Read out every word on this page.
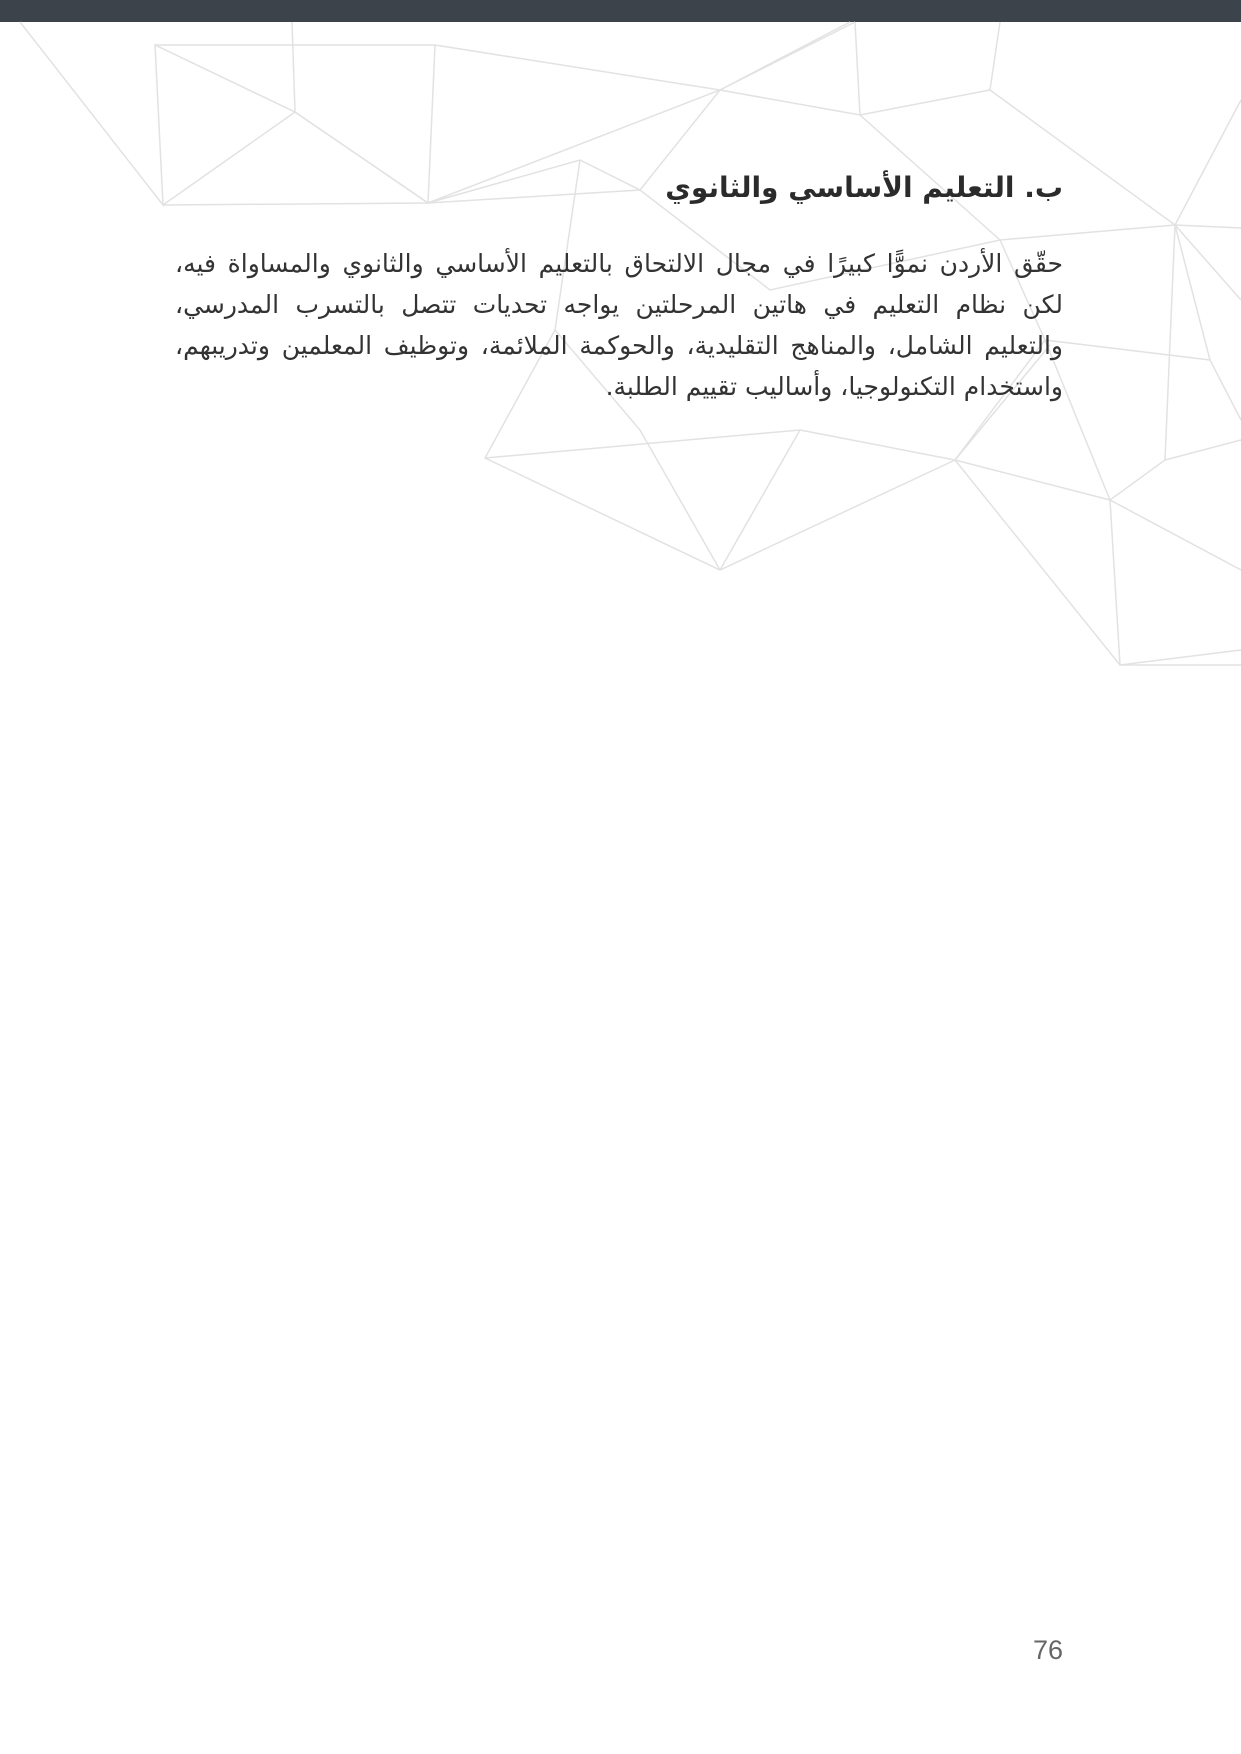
ب. التعليم الأساسي والثانوي

حقّق الأردن نموًّا كبيرًا في مجال الالتحاق بالتعليم الأساسي والثانوي والمساواة فيه، لكن نظام التعليم في هاتين المرحلتين يواجه تحديات تتصل بالتسرب المدرسي، والتعليم الشامل، والمناهج التقليدية، والحوكمة الملائمة، وتوظيف المعلمين وتدريبهم، واستخدام التكنولوجيا، وأساليب تقييم الطلبة.

76
